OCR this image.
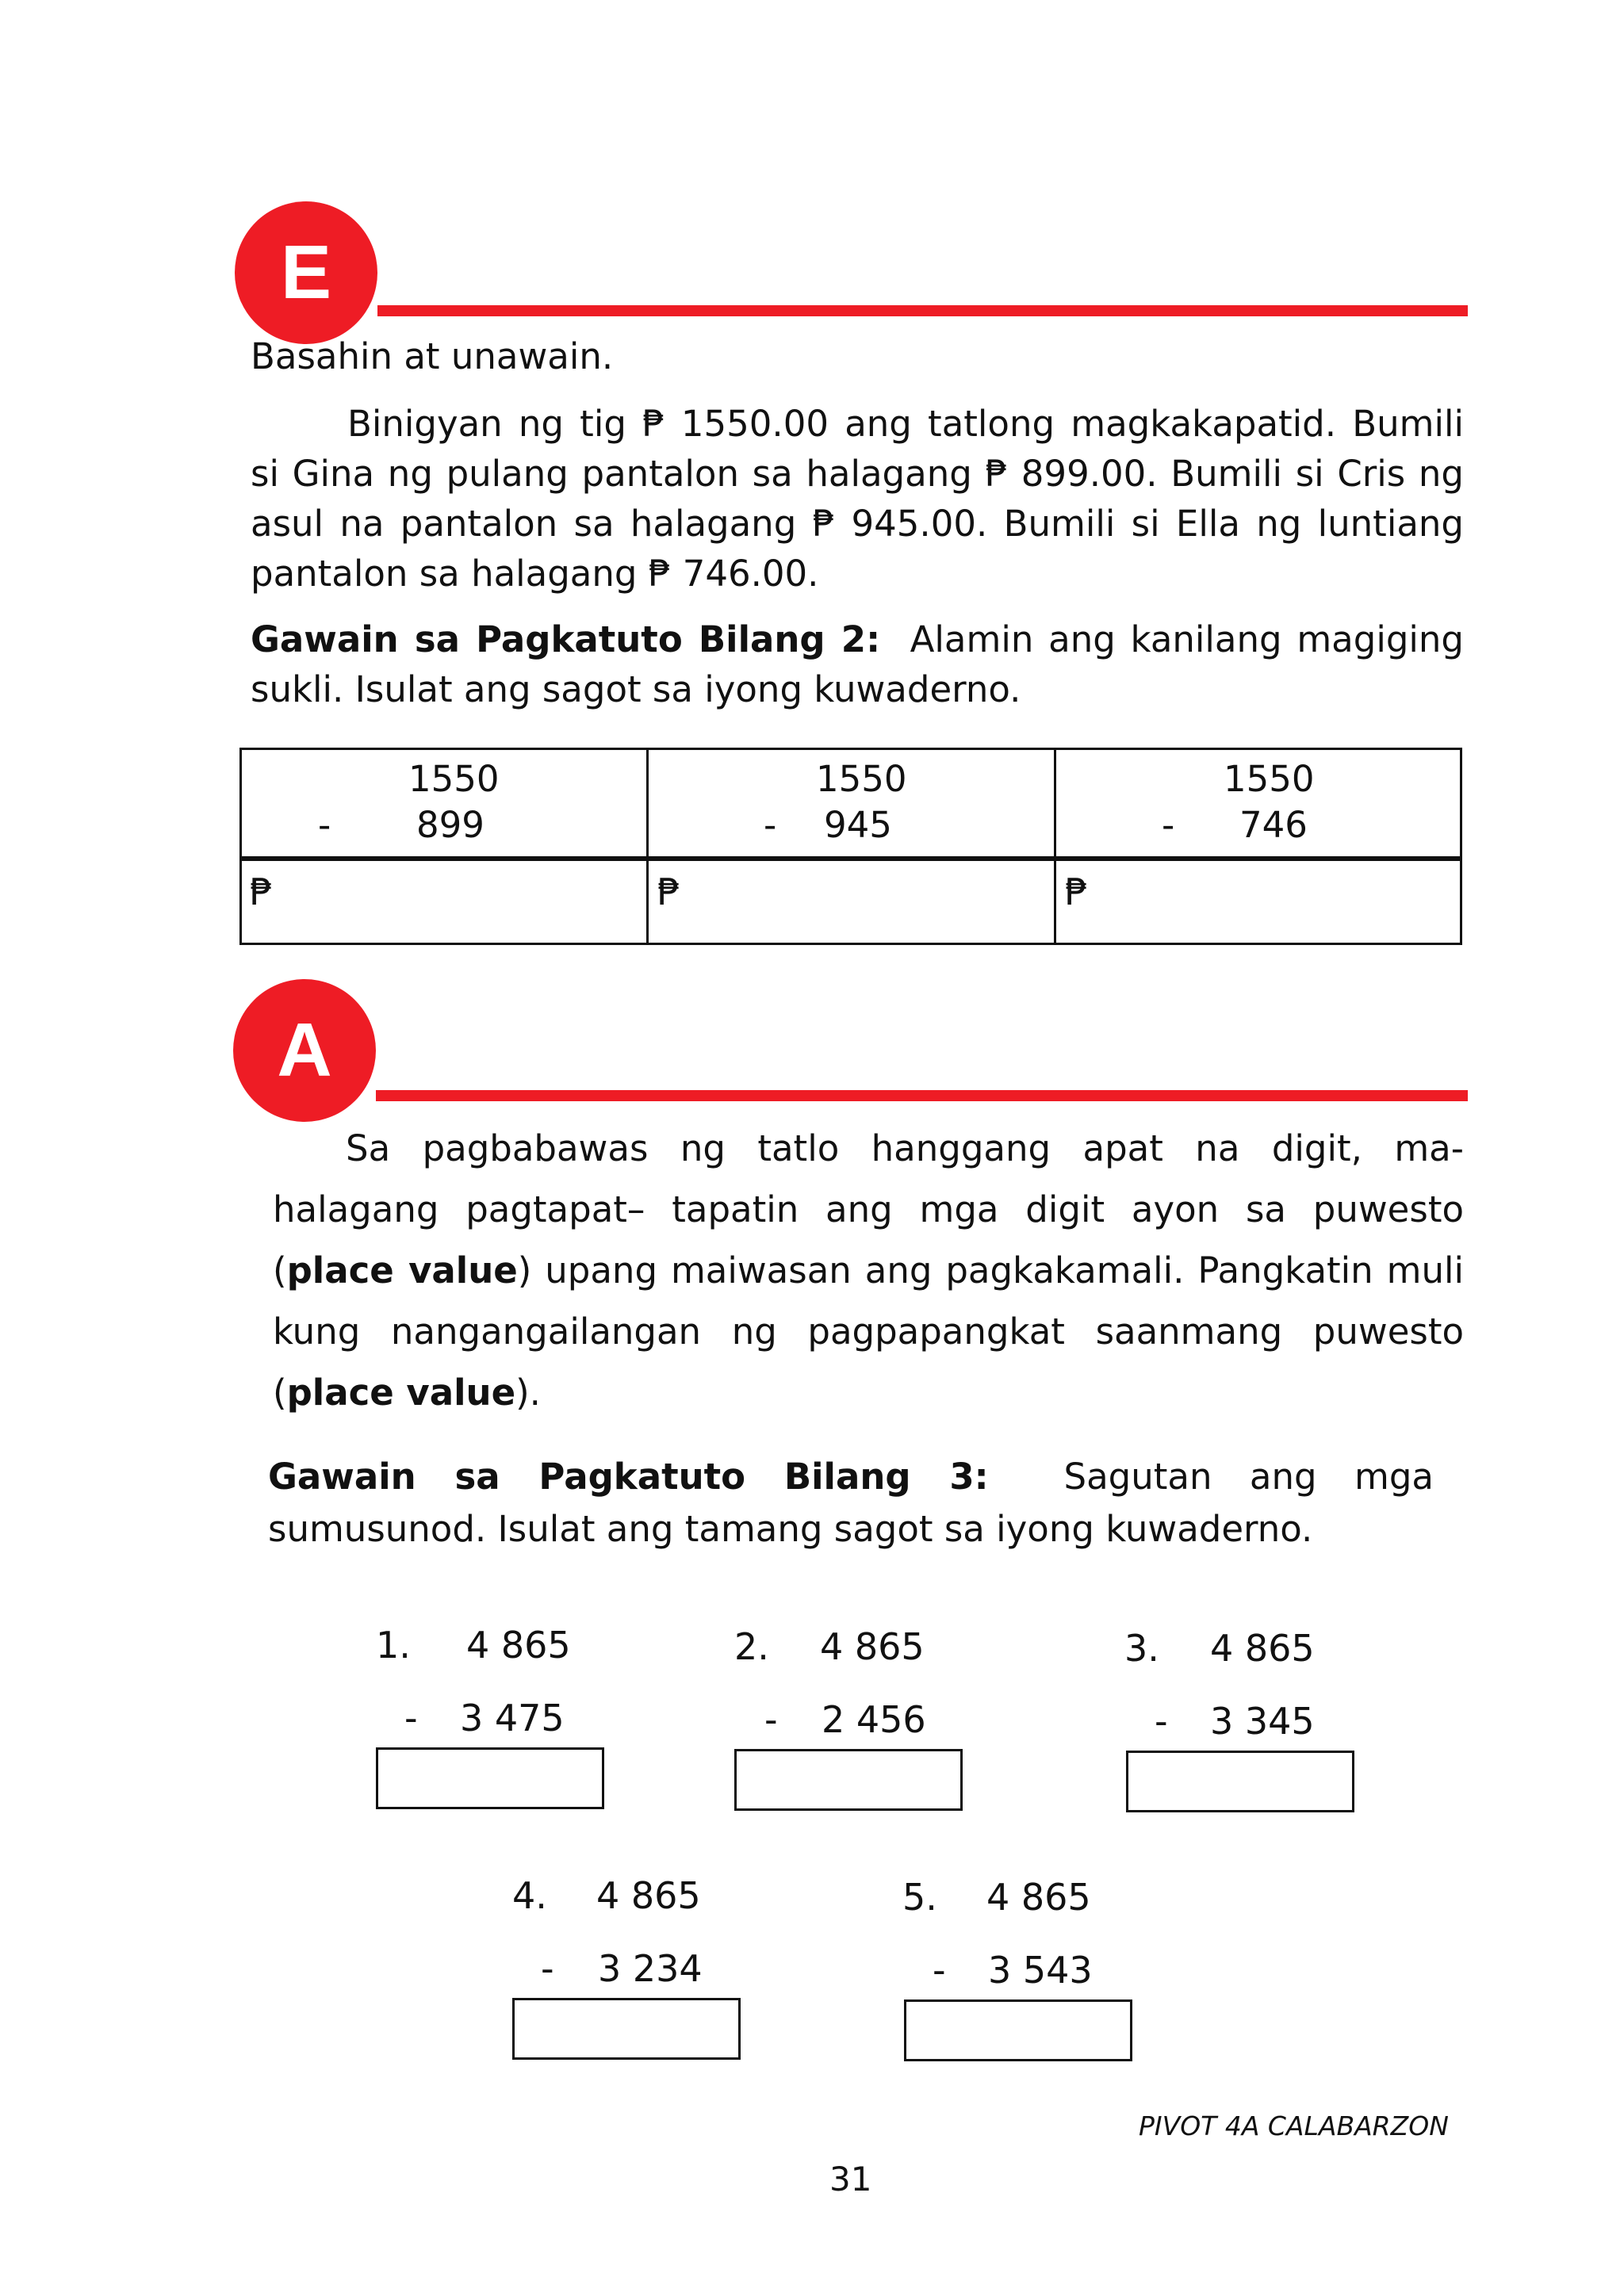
E

Basahin at unawain.

Binigyan ng tig ₱ 1550.00 ang tatlong magkakapatid. Bumili si Gina ng pulang pantalon sa halagang ₱ 899.00. Bumili si Cris ng asul na pantalon sa halagang ₱ 945.00. Bumili si Ella ng luntiang pantalon sa halagang ₱ 746.00.

Gawain sa Pagkatuto Bilang 2: Alamin ang kanilang magiging sukli. Isulat ang sagot sa iyong kuwaderno.

1550
- 899
₱
1550
- 945
₱
1550
- 746
₱
A

Sa pagbabawas ng tatlo hanggang apat na digit, ma-halagang pagtapat– tapatin ang mga digit ayon sa puwesto (place value) upang maiwasan ang pagkakamali. Pangkatin muli kung nangangailangan ng pagpapangkat saanmang puwesto (place value).

Gawain sa Pagkatuto Bilang 3: Sagutan ang mga sumusunod. Isulat ang tamang sagot sa iyong kuwaderno.

1. 4 865
- 3 475
2. 4 865
- 2 456
3. 4 865
- 3 345
4. 4 865
- 3 234
5. 4 865
- 3 543
PIVOT 4A CALABARZON
31
